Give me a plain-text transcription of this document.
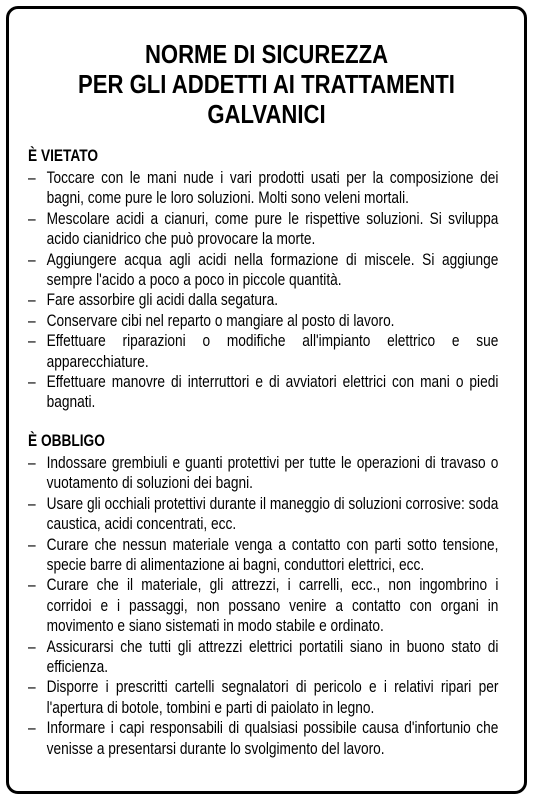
NORME DI SICUREZZA
PER GLI ADDETTI AI TRATTAMENTI
GALVANICI
È VIETATO
– Toccare con le mani nude i vari prodotti usati per la composizione dei bagni, come pure le loro soluzioni. Molti sono veleni mortali.
– Mescolare acidi a cianuri, come pure le rispettive soluzioni. Si sviluppa acido cianidrico che può provocare la morte.
– Aggiungere acqua agli acidi nella formazione di miscele. Si aggiunge sempre l'acido a poco a poco in piccole quantità.
– Fare assorbire gli acidi dalla segatura.
– Conservare cibi nel reparto o mangiare al posto di lavoro.
– Effettuare riparazioni o modifiche all'impianto elettrico e sue apparecchiature.
– Effettuare manovre di interruttori e di avviatori elettrici con mani o piedi bagnati.
È OBBLIGO
– Indossare grembiuli e guanti protettivi per tutte le operazioni di travaso o vuotamento di soluzioni dei bagni.
– Usare gli occhiali protettivi durante il maneggio di soluzioni corrosive: soda caustica, acidi concentrati, ecc.
– Curare che nessun materiale venga a contatto con parti sotto tensione, specie barre di alimentazione ai bagni, conduttori elettrici, ecc.
– Curare che il materiale, gli attrezzi, i carrelli, ecc., non ingombrino i corridoi e i passaggi, non possano venire a contatto con organi in movimento e siano sistemati in modo stabile e ordinato.
– Assicurarsi che tutti gli attrezzi elettrici portatili siano in buono stato di efficienza.
– Disporre i prescritti cartelli segnalatori di pericolo e i relativi ripari per l'apertura di botole, tombini e parti di paiolato in legno.
– Informare i capi responsabili di qualsiasi possibile causa d'infortunio che venisse a presentarsi durante lo svolgimento del lavoro.
